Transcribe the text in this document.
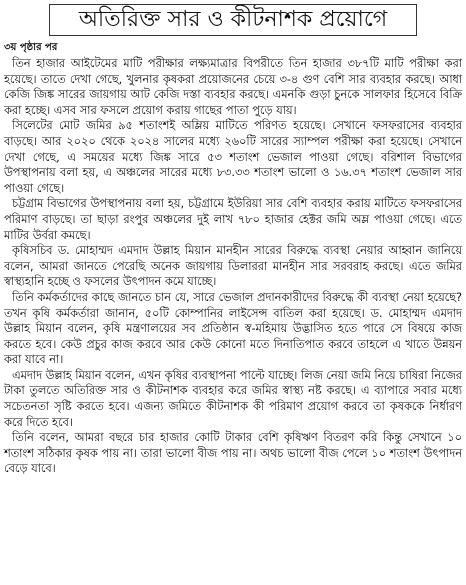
অতিরিক্ত সার ও কীটনাশক প্রয়োগে
৩য় পৃষ্ঠার পর

তিন হাজার আইটেমের মাটি পরীক্ষার লক্ষ্যমাত্রার বিপরীতে তিন হাজার ৩৮৭টি মাটি পরীক্ষা করা হয়েছে। তাতে দেখা গেছে, খুলনার কৃষকরা প্রয়োজনের চেয়ে ৩-৪ গুণ বেশি সার ব্যবহার করছে। আধা কেজি জিঙ্ক সারের জায়গায় আট কেজি দস্তা ব্যবহার করছে। এমনকি গুড়া চুনকে সালফার হিসেবে বিক্রি করা হচ্ছে। এসব সার ফসলে প্রয়োগ করায় গাছের পাতা পুড়ে যায়।

সিলেটের মোট জমির ৯৫ শতাংশই অম্লিয় মাটিতে পরিণত হয়েছে। সেখানে ফসফরাসের ব্যবহার বাড়ছে। আর ২০২০ থেকে ২০২৪ সালের মধ্যে ২৬০টি সারের স্যাম্পল পরীক্ষা করা হয়েছে। সেখানে দেখা গেছে, এ সময়ের মধ্যে জিঙ্ক সারে ৫৩ শতাংশ ভেজাল পাওয়া গেছে। বরিশাল বিভাগের উপস্থাপনায় বলা হয়, এ অঞ্চলের সারের মধ্যে ৮৩.৩৩ শতাংশ ভালো ও ১৬.৩৭ শতাংশ ভেজাল সার পাওয়া গেছে।

চট্টগ্রাম বিভাগের উপস্থাপনায় বলা হয়, চট্টগ্রামে ইউরিয়া সার বেশি ব্যবহার করায় মাটিতে ফসফরাসের পরিমাণ বাড়ছে। তা ছাড়া রংপুর অঞ্চলের দুই লাখ ৭৮০ হাজার হেক্টর জমি অম্ল পাওয়া গেছে। এতে মাটির উর্বরা কমছে।

কৃষিসচিব ড. মোহাম্মদ এমদাদ উল্লাহ মিয়ান মানহীন সারের বিরুদ্ধে ব্যবস্থা নেয়ার আহ্বান জানিয়ে বলেন, আমরা জানতে পেরেছি অনেক জায়গায় ডিলাররা মানহীন সার সরবরাহ করছে। এতে জমির স্বাস্থ্যহানি হচ্ছে ও ফসলের উৎপাদন কমে যাচ্ছে।

তিনি কর্মকর্তাদের কাছে জানতে চান যে, সারে ভেজাল প্রদানকারীদের বিরুদ্ধে কী ব্যবস্থা নেয়া হয়েছে? তখন কৃষি কর্মকর্তারা জানান, ৫০টি কোম্পানির লাইসেন্স বাতিল করা হয়েছে। ড. মোহাম্মদ এমদাদ উল্লাহ মিয়ান বলেন, কৃষি মন্ত্রণালয়ের সব প্রতিষ্ঠান স্ব-মহিমায় উদ্ভাসিত হতে পারে সে বিষয়ে কাজ করতে হবে। কেউ প্রচুর কাজ করবে আর কেউ কোনো মতে দিনাতিপাত করবে তাহলে এ খাতে উন্নয়ন করা যাবে না।

এমদাদ উল্লাহ মিয়ান বলেন, এখন কৃষির ব্যবস্থাপনা পাল্টে যাচ্ছে। লিজ নেয়া জমি নিয়ে চাষিরা নিজের টাকা তুলতে অতিরিক্ত সার ও কীটনাশক ব্যবহার করে জমির স্বাস্থ্য নষ্ট করছে। এ ব্যাপারে সবার মধ্যে সচেতনতা সৃষ্টি করতে হবে। এজন্য জমিতে কীটনাশক কী পরিমাণ প্রয়োগ করবে তা কৃষককে নির্ধারণ করে দিতে হবে।

তিনি বলেন, আমরা বছরে চার হাজার কোটি টাকার বেশি কৃষিঋণ বিতরণ করি কিন্তু সেখানে ১০ শতাংশ সঠিকার কৃষক পায় না। তারা ভালো বীজ পায় না। অথচ ভালো বীজ পেলে ১০ শতাংশ উৎপাদন বেড়ে যাবে।
